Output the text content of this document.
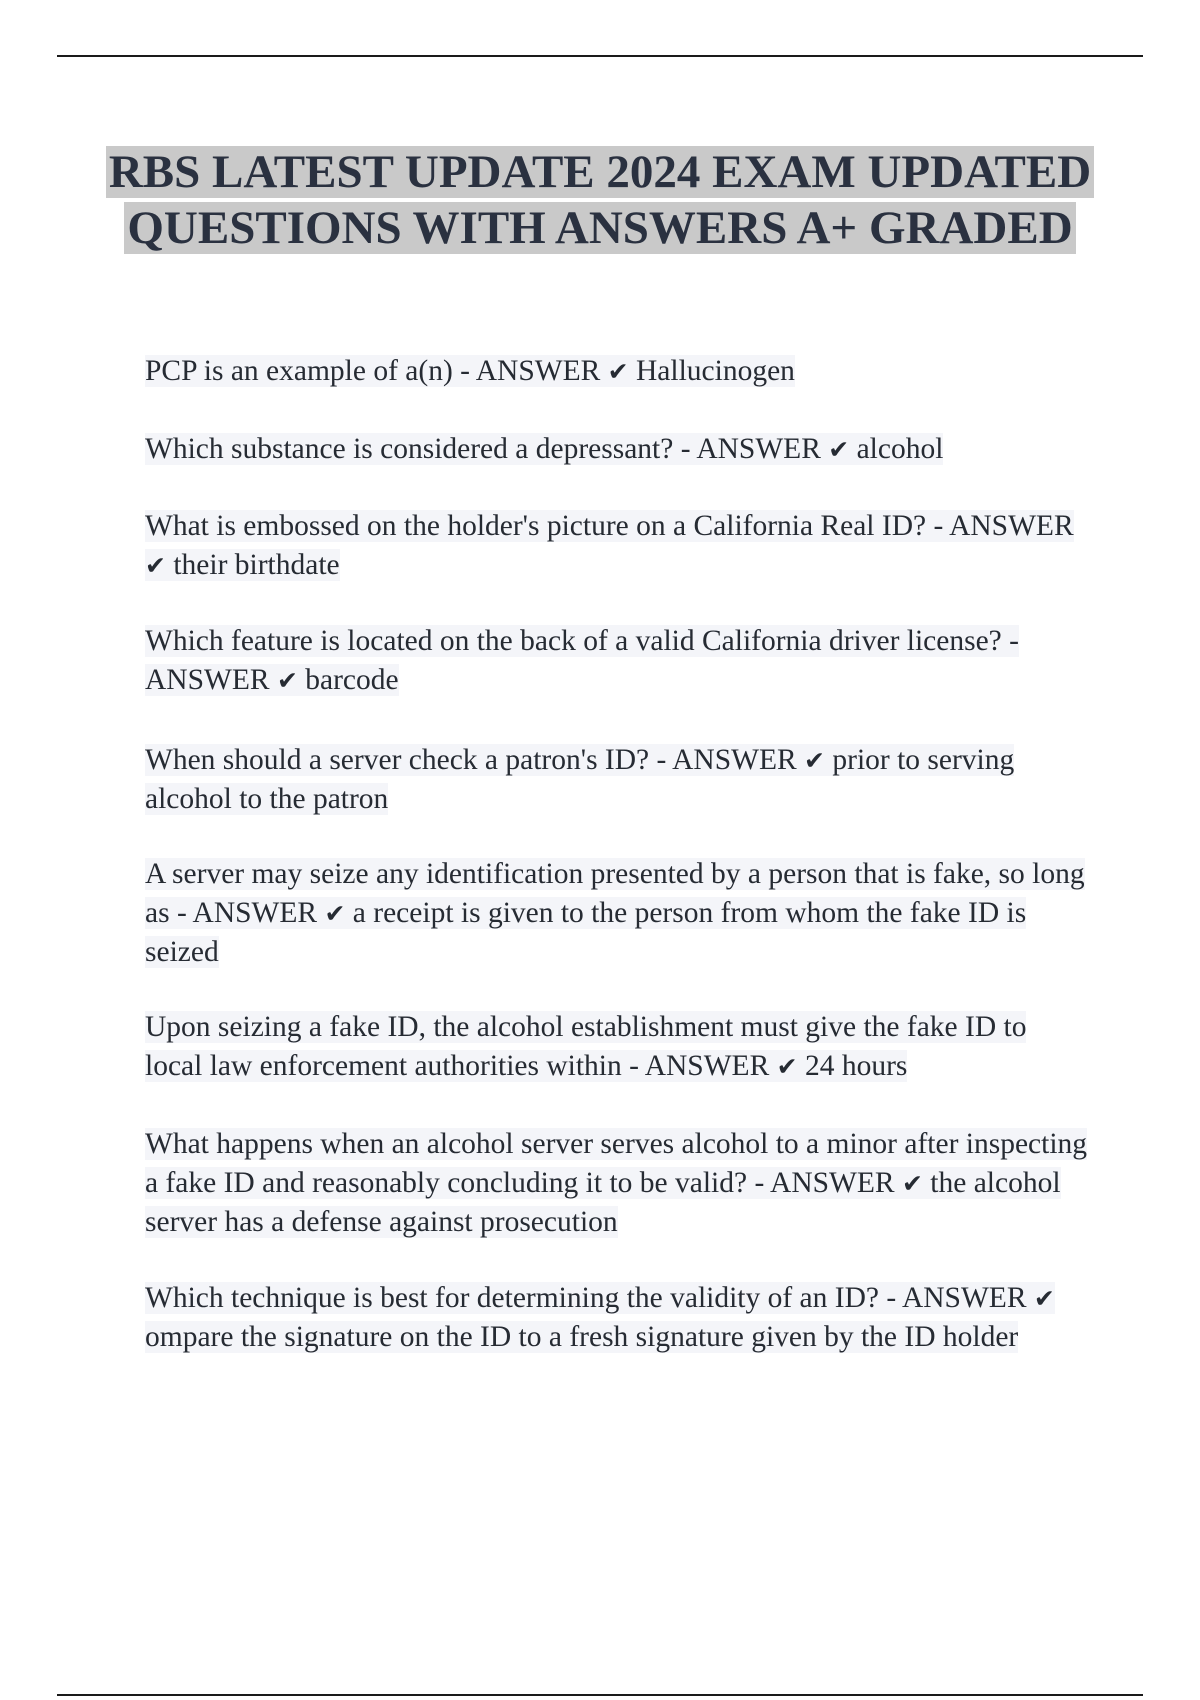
RBS LATEST UPDATE 2024 EXAM UPDATED QUESTIONS WITH ANSWERS A+ GRADED
PCP is an example of a(n) - ANSWER ✔ Hallucinogen
Which substance is considered a depressant? - ANSWER ✔ alcohol
What is embossed on the holder's picture on a California Real ID? - ANSWER ✔ their birthdate
Which feature is located on the back of a valid California driver license? - ANSWER ✔ barcode
When should a server check a patron's ID? - ANSWER ✔ prior to serving alcohol to the patron
A server may seize any identification presented by a person that is fake, so long as - ANSWER ✔ a receipt is given to the person from whom the fake ID is seized
Upon seizing a fake ID, the alcohol establishment must give the fake ID to local law enforcement authorities within - ANSWER ✔ 24 hours
What happens when an alcohol server serves alcohol to a minor after inspecting a fake ID and reasonably concluding it to be valid? - ANSWER ✔ the alcohol server has a defense against prosecution
Which technique is best for determining the validity of an ID? - ANSWER ✔ ompare the signature on the ID to a fresh signature given by the ID holder
